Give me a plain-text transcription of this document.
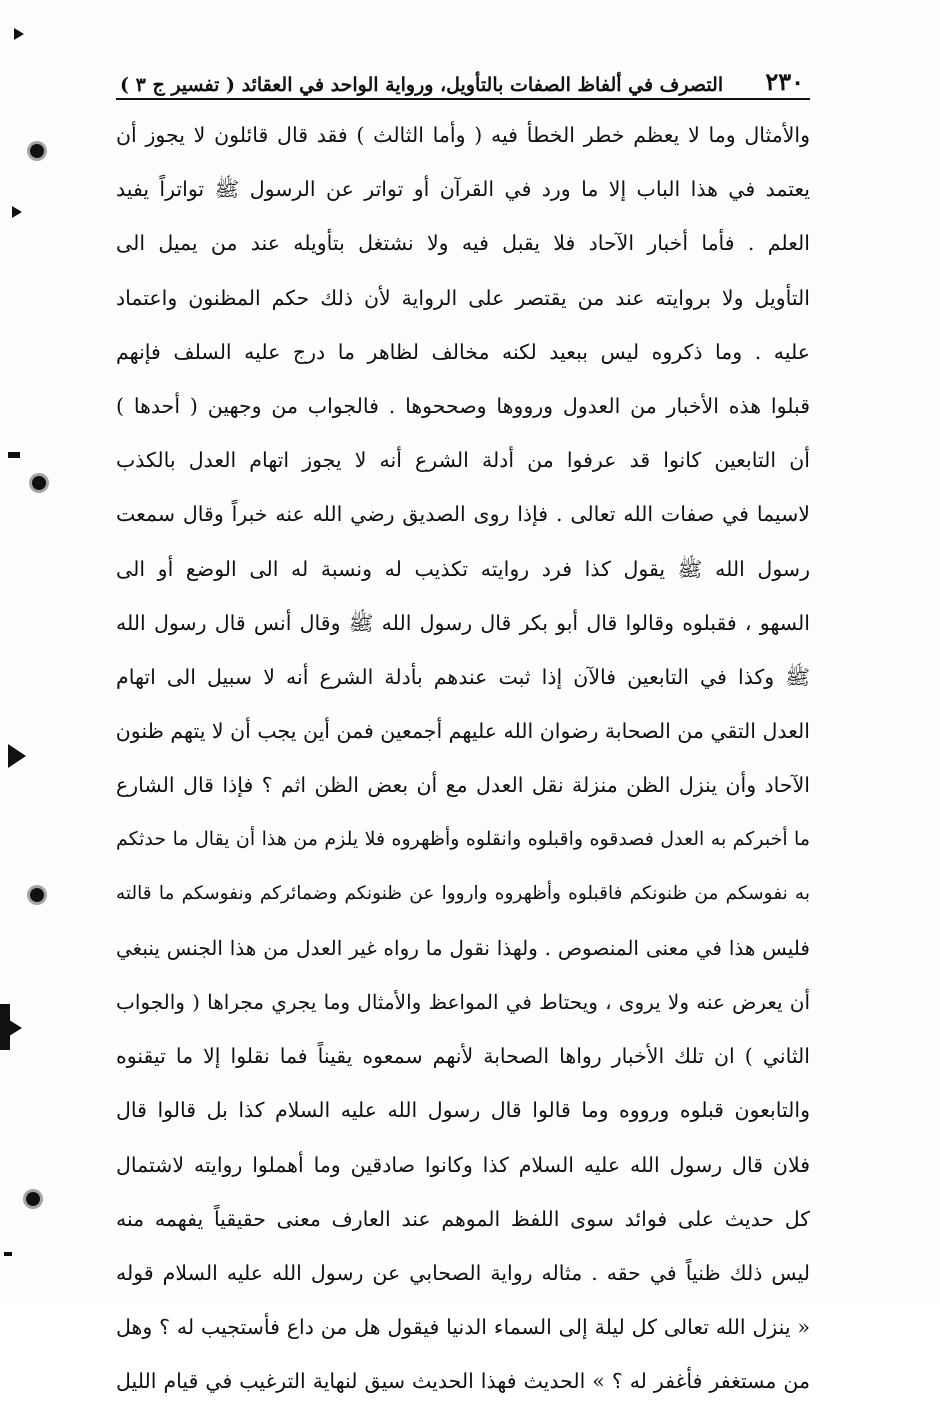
٢٣٠
التصرف في ألفاظ الصفات بالتأويل، ورواية الواحد في العقائد ( تفسير ج ٣ )
والأمثال وما لا يعظم خطر الخطأ فيه ( وأما الثالث ) فقد قال قائلون لا يجوز أن
يعتمد في هذا الباب إلا ما ورد في القرآن أو تواتر عن الرسول ﷺ تواتراً يفيد
العلم . فأما أخبار الآحاد فلا يقبل فيه ولا نشتغل بتأويله عند من يميل الى
التأويل ولا بروايته عند من يقتصر على الرواية لأن ذلك حكم المظنون واعتماد
عليه . وما ذكروه ليس ببعيد لكنه مخالف لظاهر ما درج عليه السلف فإنهم
قبلوا هذه الأخبار من العدول ورووها وصححوها . فالجواب من وجهين ( أحدها )
أن التابعين كانوا قد عرفوا من أدلة الشرع أنه لا يجوز اتهام العدل بالكذب
لاسيما في صفات الله تعالى . فإذا روى الصديق رضي الله عنه خبراً وقال سمعت
رسول الله ﷺ يقول كذا فرد روايته تكذيب له ونسبة له الى الوضع أو الى
السهو ، فقبلوه وقالوا قال أبو بكر قال رسول الله ﷺ وقال أنس قال رسول الله
ﷺ وكذا في التابعين فالآن إذا ثبت عندهم بأدلة الشرع أنه لا سبيل الى اتهام
العدل التقي من الصحابة رضوان الله عليهم أجمعين فمن أين يجب أن لا يتهم ظنون
الآحاد وأن ينزل الظن منزلة نقل العدل مع أن بعض الظن اثم ؟ فإذا قال الشارع
ما أخبركم به العدل فصدقوه واقبلوه وانقلوه وأظهروه فلا يلزم من هذا أن يقال ما حدثكم
به نفوسكم من ظنونكم فاقبلوه وأظهروه وارووا عن ظنونكم وضمائركم ونفوسكم ما قالته
فليس هذا في معنى المنصوص . ولهذا نقول ما رواه غير العدل من هذا الجنس ينبغي
أن يعرض عنه ولا يروى ، ويحتاط في المواعظ والأمثال وما يجري مجراها ( والجواب
الثاني ) ان تلك الأخبار رواها الصحابة لأنهم سمعوه يقيناً فما نقلوا إلا ما تيقنوه
والتابعون قبلوه ورووه وما قالوا قال رسول الله عليه السلام كذا بل قالوا قال
فلان قال رسول الله عليه السلام كذا وكانوا صادقين وما أهملوا روايته لاشتمال
كل حديث على فوائد سوى اللفظ الموهم عند العارف معنى حقيقياً يفهمه منه
ليس ذلك ظنياً في حقه . مثاله رواية الصحابي عن رسول الله عليه السلام قوله
« ينزل الله تعالى كل ليلة إلى السماء الدنيا فيقول هل من داع فأستجيب له ؟ وهل
من مستغفر فأغفر له ؟ » الحديث فهذا الحديث سيق لنهاية الترغيب في قيام الليل
